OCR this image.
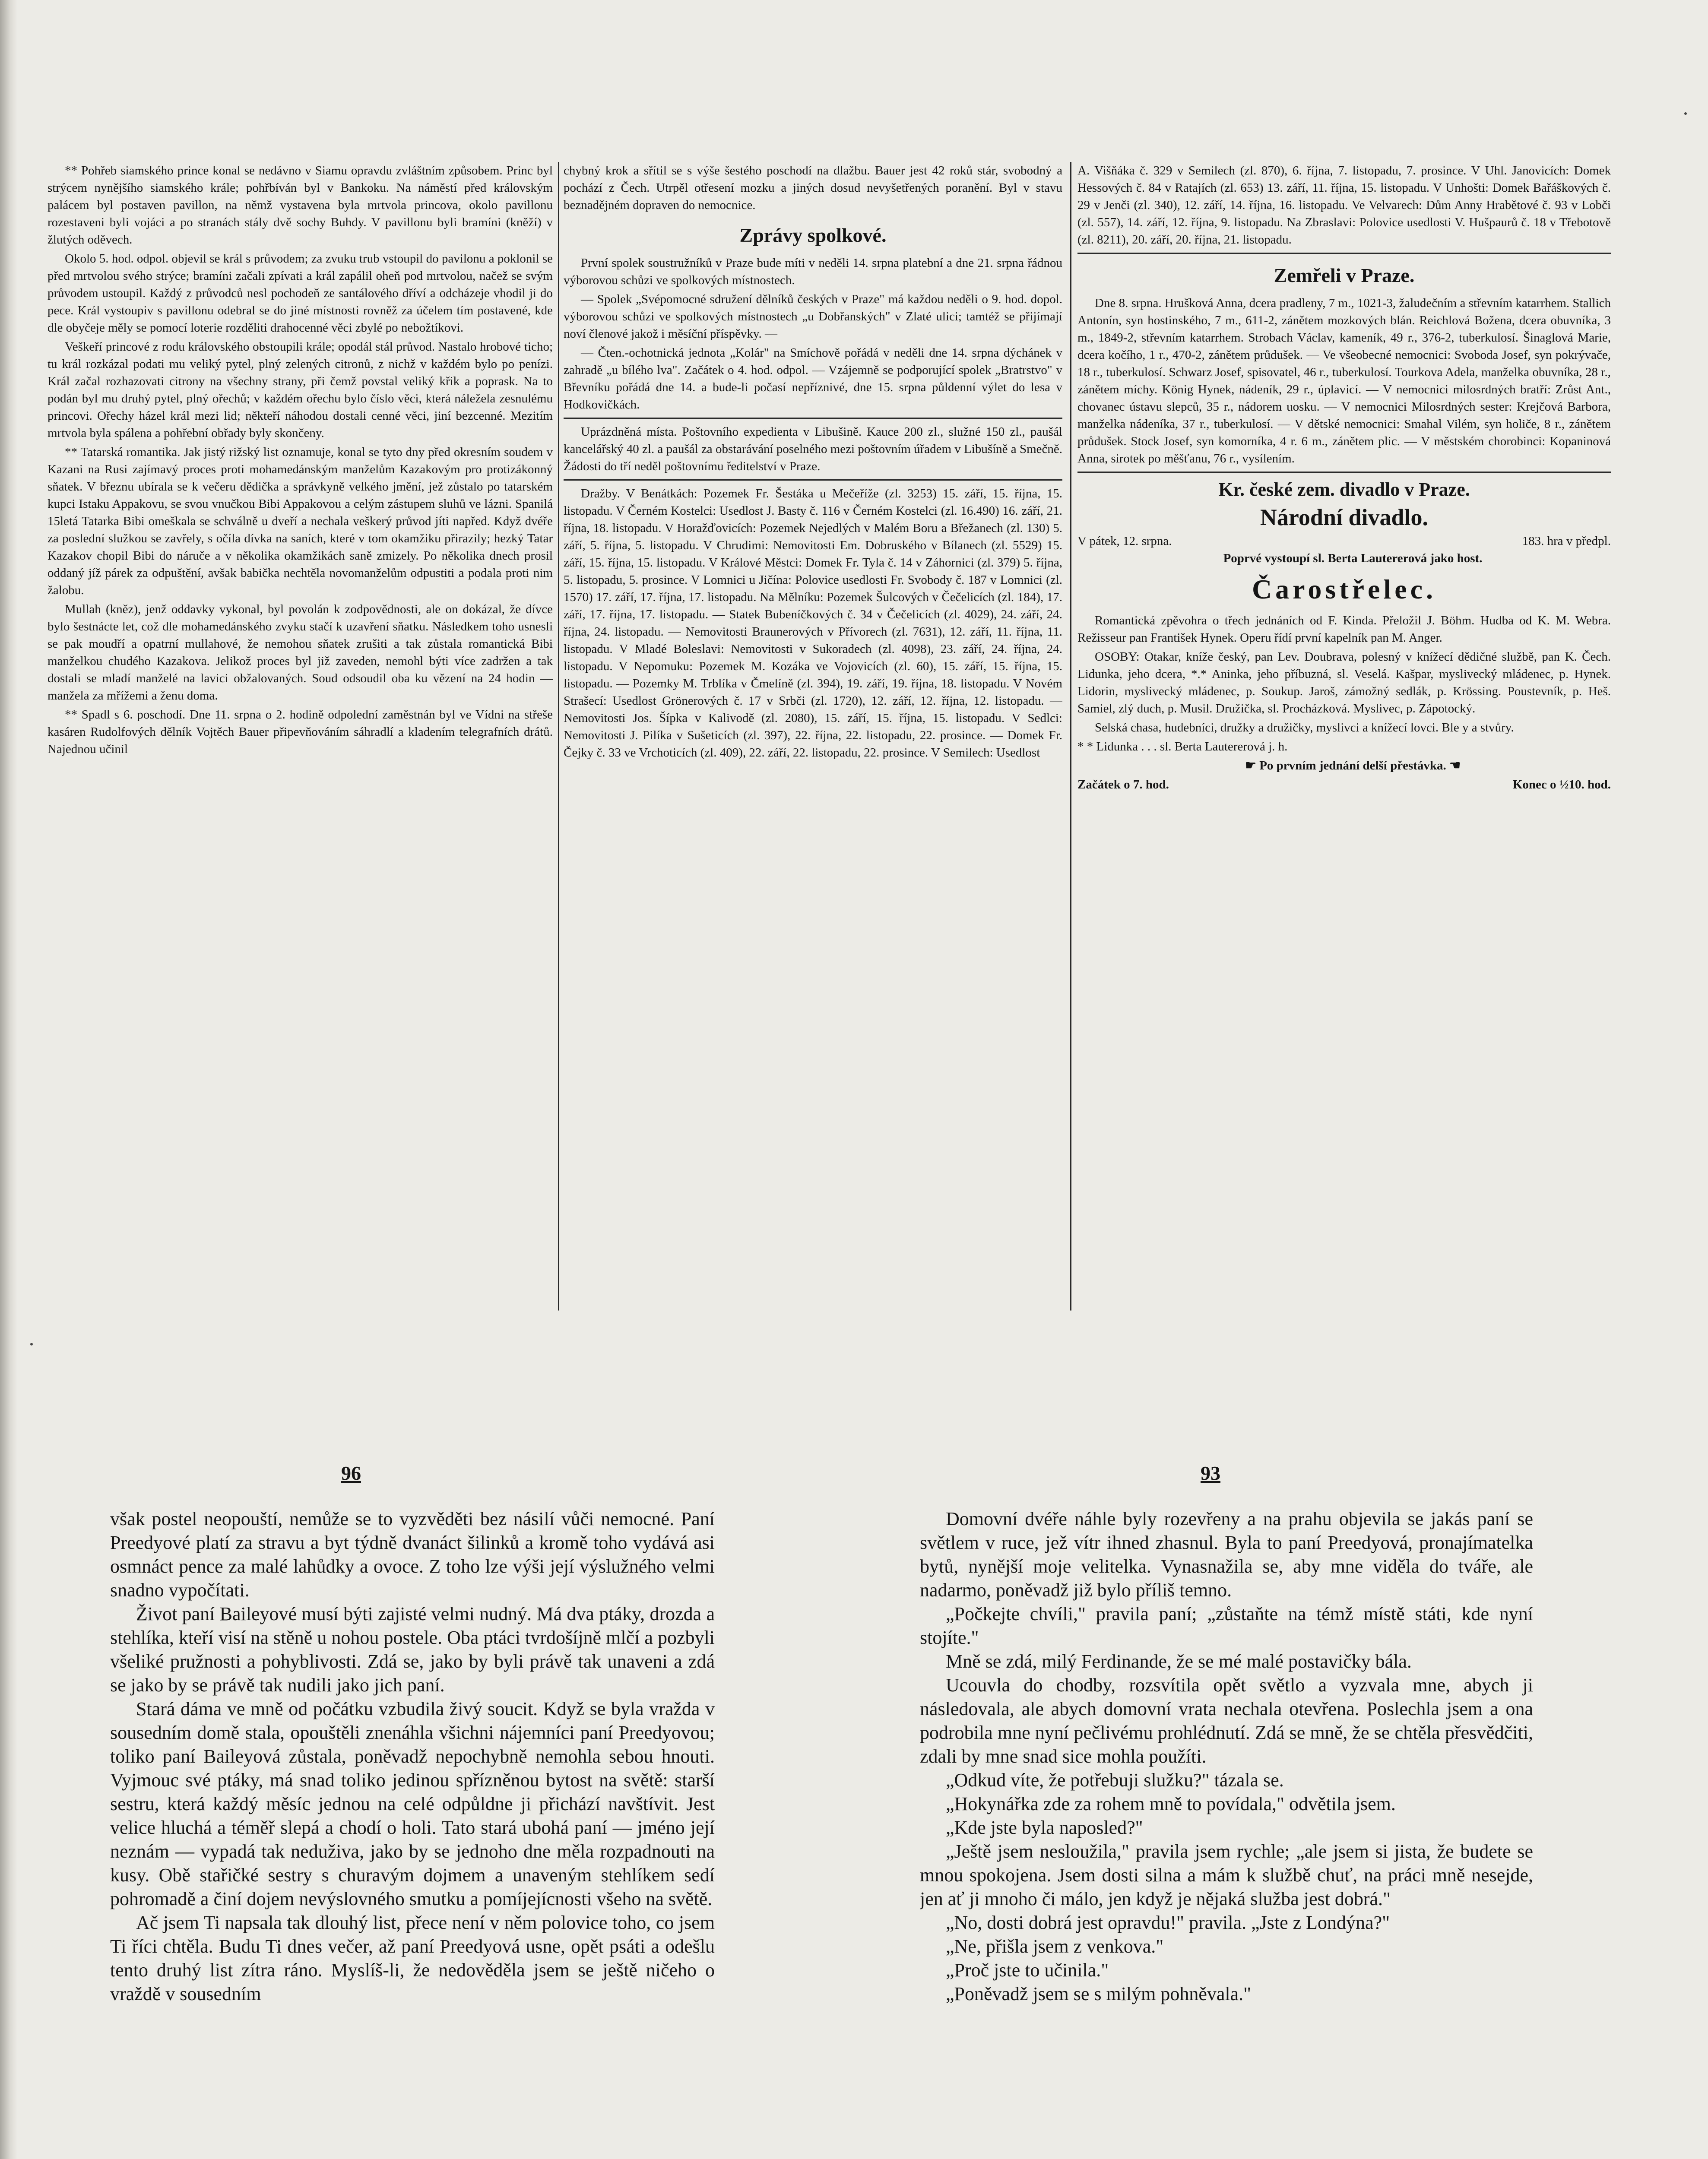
** Pohřeb siamského prince konal se nedávno v Siamu opravdu zvláštním způsobem. Princ byl strýcem nynějšího siamského krále; pohřbíván byl v Bankoku. Na náměstí před královským palácem byl postaven pavillon, na němž vystavena byla mrtvola princova, okolo pavillonu rozestaveni byli vojáci a po stranách stály dvě sochy Buhdy. V pavillonu byli bramíni (kněží) v žlutých oděvech.

Okolo 5. hod. odpol. objevil se král s průvodem; za zvuku trub vstoupil do pavilonu a poklonil se před mrtvolou svého strýce; bramíni začali zpívati a král zapálil oheň pod mrtvolou, načež se svým průvodem ustoupil. Každý z průvodců nesl pochodeň ze santálového dříví a odcházeje vhodil ji do pece. Král vystoupiv s pavillonu odebral se do jiné místnosti rovněž za účelem tím postavené, kde dle obyčeje měly se pomocí loterie rozděliti drahocenné věci zbylé po nebožtíkovi.

Veškeří princové z rodu královského obstoupili krále; opodál stál průvod. Nastalo hrobové ticho; tu král rozkázal podati mu veliký pytel, plný zelených citronů, z nichž v každém bylo po penízi. Král začal rozhazovati citrony na všechny strany, při čemž povstal veliký křik a poprask. Na to podán byl mu druhý pytel, plný ořechů; v každém ořechu bylo číslo věci, která náležela zesnulému princovi. Ořechy házel král mezi lid; někteří náhodou dostali cenné věci, jiní bezcenné. Mezitím mrtvola byla spálena a pohřební obřady byly skončeny.

** Tatarská romantika. Jak jistý rižský list oznamuje, konal se tyto dny před okresním soudem v Kazani na Rusi zajímavý proces proti mohamedánským manželům Kazakovým pro protizákonný sňatek. V březnu ubírala se k večeru dědička a správkyně velkého jmění, jež zůstalo po tatarském kupci Istaku Appakovu, se svou vnučkou Bibi Appakovou a celým zástupem sluhů ve lázni. Spanilá 15letá Tatarka Bibi omeškala se schválně u dveří a nechala veškerý průvod jíti napřed. Když dvéře za poslední služkou se zavřely, s očíla dívka na saních, které v tom okamžiku přirazily; hezký Tatar Kazakov chopil Bibi do náruče a v několika okamžikách saně zmizely. Po několika dnech prosil oddaný jíž párek za odpuštění, avšak babička nechtěla novomanželům odpustiti a podala proti nim žalobu.

Mullah (kněz), jenž oddavky vykonal, byl povolán k zodpovědnosti, ale on dokázal, že dívce bylo šestnácte let, což dle mohamedánského zvyku stačí k uzavření sňatku. Následkem toho usnesli se pak moudří a opatrní mullahové, že nemohou sňatek zrušiti a tak zůstala romantická Bibi manželkou chudého Kazakova. Jelikož proces byl již zaveden, nemohl býti více zadržen a tak dostali se mladí manželé na lavici obžalovaných. Soud odsoudil oba ku vězení na 24 hodin — manžela za mřížemi a ženu doma.

** Spadl s 6. poschodí. Dne 11. srpna o 2. hodině odpolední zaměstnán byl ve Vídni na střeše kasáren Rudolfových dělník Vojtěch Bauer připevňováním sáhradlí a kladením telegrafních drátů. Najednou učinil

chybný krok a sřítil se s výše šestého poschodí na dlažbu. Bauer jest 42 roků stár, svobodný a pochází z Čech. Utrpěl otřesení mozku a jiných dosud nevyšetřených poranění. Byl v stavu beznadějném dopraven do nemocnice.

Zprávy spolkové.

První spolek soustružníků v Praze bude míti v neděli 14. srpna platební a dne 21. srpna řádnou výborovou schůzi ve spolkových místnostech.

— Spolek „Svépomocné sdružení dělníků českých v Praze" má každou neděli o 9. hod. dopol. výborovou schůzi ve spolkových místnostech „u Dobřanských" v Zlaté ulici; tamtéž se přijímají noví členové jakož i měsíční příspěvky. —

— Čten.-ochotnická jednota „Kolár" na Smíchově pořádá v neděli dne 14. srpna dýchánek v zahradě „u bílého lva". Začátek o 4. hod. odpol. — Vzájemně se podporující spolek „Bratrstvo" v Břevníku pořádá dne 14. a bude-li počasí nepříznivé, dne 15. srpna půldenní výlet do lesa v Hodkovičkách.

Uprázdněná místa. Poštovního expedienta v Libušině. Kauce 200 zl., služné 150 zl., paušál kancelářský 40 zl. a paušál za obstarávání poselného mezi poštovním úřadem v Libušíně a Smečně. Žádosti do tří neděl poštovnímu ředitelství v Praze.

Dražby. V Benátkách: Pozemek Fr. Šestáka u Mečeříže (zl. 3253) 15. září, 15. října, 15. listopadu. V Černém Kostelci: Usedlost J. Basty č. 116 v Černém Kostelci (zl. 16.490) 16. září, 21. října, 18. listopadu. V Horažďovicích: Pozemek Nejedlých v Malém Boru a Břežanech (zl. 130) 5. září, 5. října, 5. listopadu. V Chrudimi: Nemovitosti Em. Dobruského v Bílanech (zl. 5529) 15. září, 15. října, 15. listopadu. V Králové Městci: Domek Fr. Tyla č. 14 v Záhornici (zl. 379) 5. října, 5. listopadu, 5. prosince. V Lomnici u Jičína: Polovice usedlosti Fr. Svobody č. 187 v Lomnici (zl. 1570) 17. září, 17. října, 17. listopadu. Na Mělníku: Pozemek Šulcových v Čečelicích (zl. 184), 17. září, 17. října, 17. listopadu. — Statek Bubeníčkových č. 34 v Čečelicích (zl. 4029), 24. září, 24. října, 24. listopadu. — Nemovitosti Braunerových v Přívorech (zl. 7631), 12. září, 11. října, 11. listopadu. V Mladé Boleslavi: Nemovitosti v Sukoradech (zl. 4098), 23. září, 24. října, 24. listopadu. V Nepomuku: Pozemek M. Kozáka ve Vojovicích (zl. 60), 15. září, 15. října, 15. listopadu. — Pozemky M. Trblíka v Čmelíně (zl. 394), 19. září, 19. října, 18. listopadu. V Novém Strašecí: Usedlost Grönerových č. 17 v Srbči (zl. 1720), 12. září, 12. října, 12. listopadu. — Nemovitosti Jos. Šípka v Kalivodě (zl. 2080), 15. září, 15. října, 15. listopadu. V Sedlci: Nemovitosti J. Pilíka v Sušeticích (zl. 397), 22. října, 22. listopadu, 22. prosince. — Domek Fr. Čejky č. 33 ve Vrchoticích (zl. 409), 22. září, 22. listopadu, 22. prosince. V Semilech: Usedlost

A. Višňáka č. 329 v Semilech (zl. 870), 6. října, 7. listopadu, 7. prosince. V Uhl. Janovicích: Domek Hessových č. 84 v Ratajích (zl. 653) 13. září, 11. října, 15. listopadu. V Unhošti: Domek Bařáškových č. 29 v Jenči (zl. 340), 12. září, 14. října, 16. listopadu. Ve Velvarech: Dům Anny Hrabětové č. 93 v Lobči (zl. 557), 14. září, 12. října, 9. listopadu. Na Zbraslavi: Polovice usedlosti V. Hušpaurů č. 18 v Třebotově (zl. 8211), 20. září, 20. října, 21. listopadu.

Zemřeli v Praze.

Dne 8. srpna. Hrušková Anna, dcera pradleny, 7 m., 1021-3, žaludečním a střevním katarrhem. Stallich Antonín, syn hostinského, 7 m., 611-2, zánětem mozkových blán. Reichlová Božena, dcera obuvníka, 3 m., 1849-2, střevním katarrhem. Strobach Václav, kameník, 49 r., 376-2, tuberkulosí. Šinaglová Marie, dcera kočího, 1 r., 470-2, zánětem průdušek. — Ve všeobecné nemocnici: Svoboda Josef, syn pokrývače, 18 r., tuberkulosí. Schwarz Josef, spisovatel, 46 r., tuberkulosí. Tourkova Adela, manželka obuvníka, 28 r., zánětem míchy. König Hynek, nádeník, 29 r., úplavicí. — V nemocnici milosrdných bratří: Zrůst Ant., chovanec ústavu slepců, 35 r., nádorem uosku. — V nemocnici Milosrdných sester: Krejčová Barbora, manželka nádeníka, 37 r., tuberkulosí. — V dětské nemocnici: Smahal Vilém, syn holiče, 8 r., zánětem průdušek. Stock Josef, syn komorníka, 4 r. 6 m., zánětem plic. — V městském chorobinci: Kopaninová Anna, sirotek po měšťanu, 76 r., vysílením.

Kr. české zem. divadlo v Praze.
Národní divadlo.
V pátek, 12. srpna.	183. hra v předpl.

Poprvé vystoupí sl. Berta Lautererová jako host.

Čarostřelec.

Romantická zpěvohra o třech jednáních od F. Kinda. Přeložil J. Böhm. Hudba od K. M. Webra. Režisseur pan František Hynek. Operu řídí první kapelník pan M. Anger.

OSOBY: Otakar, kníže český, pan Lev. Doubrava, polesný v knížecí dědičné službě, pan K. Čech. Lidunka, jeho dcera, *.* Aninka, jeho příbuzná, sl. Veselá. Kašpar, myslivecký mládenec, p. Hynek. Lidorin, myslivecký mládenec, p. Soukup. Jaroš, zámožný sedlák, p. Krössing. Poustevník, p. Heš. Samiel, zlý duch, p. Musil. Družička, sl. Procházková. Myslivec, p. Zápotocký.

Selská chasa, hudebníci, družky a družičky, myslivci a knížecí lovci. Ble y a stvůry.

* * Lidunka . . . sl. Berta Lautererová j. h.

☛ Po prvním jednání delší přestávka. ☚

Začátek o 7. hod.	Konec o ½10. hod.
96	93

však postel neopouští, nemůže se to vyzvěděti bez násilí vůči nemocné. Paní Preedyové platí za stravu a byt týdně dvanáct šilinků a kromě toho vydává asi osmnáct pence za malé lahůdky a ovoce. Z toho lze výši její výslužného velmi snadno vypočítati.

Život paní Baileyové musí býti zajisté velmi nudný. Má dva ptáky, drozda a stehlíka, kteří visí na stěně u nohou postele. Oba ptáci tvrdošíjně mlčí a pozbyli všeliké pružnosti a pohyblivosti. Zdá se, jako by byli právě tak unaveni a zdá se jako by se právě tak nudili jako jich paní.

Stará dáma ve mně od počátku vzbudila živý soucit. Když se byla vražda v sousedním domě stala, opouštěli znenáhla všichni nájemníci paní Preedyovou; toliko paní Baileyová zůstala, poněvadž nepochybně nemohla sebou hnouti. Vyjmouc své ptáky, má snad toliko jedinou spřízněnou bytost na světě: starší sestru, která každý měsíc jednou na celé odpůldne ji přichází navštívit. Jest velice hluchá a téměř slepá a chodí o holi. Tato stará ubohá paní — jméno její neznám — vypadá tak neduživa, jako by se jednoho dne měla rozpadnouti na kusy. Obě stařičké sestry s churavým dojmem a unaveným stehlíkem sedí pohromadě a činí dojem nevýslovného smutku a pomíjejícnosti všeho na světě.

Ač jsem Ti napsala tak dlouhý list, přece není v něm polovice toho, co jsem Ti říci chtěla. Budu Ti dnes večer, až paní Preedyová usne, opět psáti a odešlu tento druhý list zítra ráno. Myslíš-li, že nedověděla jsem se ještě ničeho o vraždě v sousedním

Domovní dvéře náhle byly rozevřeny a na prahu objevila se jakás paní se světlem v ruce, jež vítr ihned zhasnul. Byla to paní Preedyová, pronajímatelka bytů, nynější moje velitelka. Vynasnažila se, aby mne viděla do tváře, ale nadarmo, poněvadž již bylo příliš temno.

„Počkejte chvíli," pravila paní; „zůstaňte na témž místě státi, kde nyní stojíte."

Mně se zdá, milý Ferdinande, že se mé malé postavičky bála.

Ucouvla do chodby, rozsvítila opět světlo a vyzvala mne, abych ji následovala, ale abych domovní vrata nechala otevřena. Poslechla jsem a ona podrobila mne nyní pečlivému prohlédnutí. Zdá se mně, že se chtěla přesvědčiti, zdali by mne snad sice mohla použíti.

„Odkud víte, že potřebuji služku?" tázala se.

„Hokynářka zde za rohem mně to povídala," odvětila jsem.

„Kde jste byla naposled?"

„Ještě jsem nesloužila," pravila jsem rychle; „ale jsem si jista, že budete se mnou spokojena. Jsem dosti silna a mám k službě chuť, na práci mně nesejde, jen ať ji mnoho či málo, jen když je nějaká služba jest dobrá."

„No, dosti dobrá jest opravdu!" pravila. „Jste z Londýna?"

„Ne, přišla jsem z venkova."

„Proč jste to učinila."

„Poněvadž jsem se s milým pohněvala."
